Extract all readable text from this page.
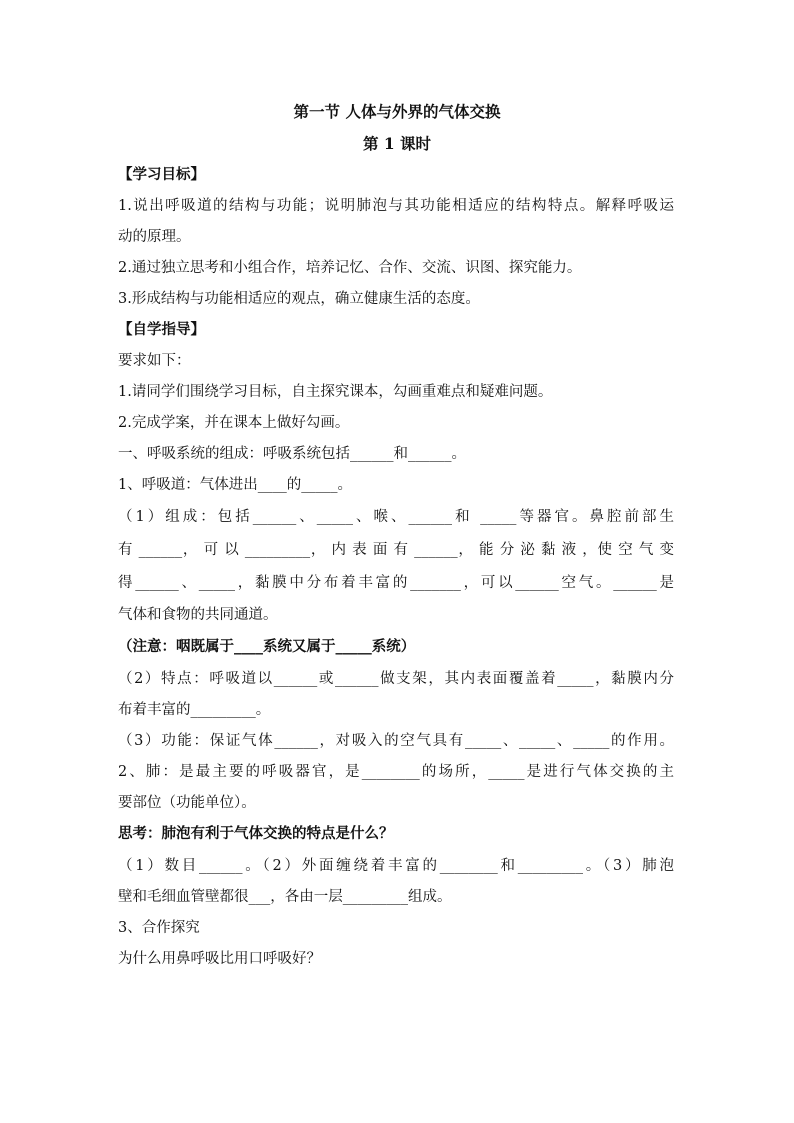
第一节 人体与外界的气体交换
第 1 课时
【学习目标】
1.说出呼吸道的结构与功能；说明肺泡与其功能相适应的结构特点。解释呼吸运
动的原理。
2.通过独立思考和小组合作，培养记忆、合作、交流、识图、探究能力。
3.形成结构与功能相适应的观点，确立健康生活的态度。
【自学指导】
要求如下：
1.请同学们围绕学习目标，自主探究课本，勾画重难点和疑难问题。
2.完成学案，并在课本上做好勾画。
一、呼吸系统的组成：呼吸系统包括______和______。
1、呼吸道：气体进出____的_____。
（1）组成：包括______、_____、喉、______和 _____等器官。鼻腔前部生
有 ______， 可 以 _________， 内 表 面 有 ______， 能 分 泌 黏 液 ，使 空 气 变
得______、_____，黏膜中分布着丰富的_______，可以______空气。______是
气体和食物的共同通道。
（注意：咽既属于____系统又属于_____系统）
（2）特点：呼吸道以______或______做支架，其内表面覆盖着_____，黏膜内分
布着丰富的_________。
（3）功能：保证气体______，对吸入的空气具有_____、_____、_____的作用。
2、肺：是最主要的呼吸器官，是________的场所，_____是进行气体交换的主
要部位（功能单位）。
思考：肺泡有利于气体交换的特点是什么？
（1）数目______。（2）外面缠绕着丰富的________和_________。（3）肺泡
壁和毛细血管壁都很___，各由一层_________组成。
3、合作探究
为什么用鼻呼吸比用口呼吸好？
